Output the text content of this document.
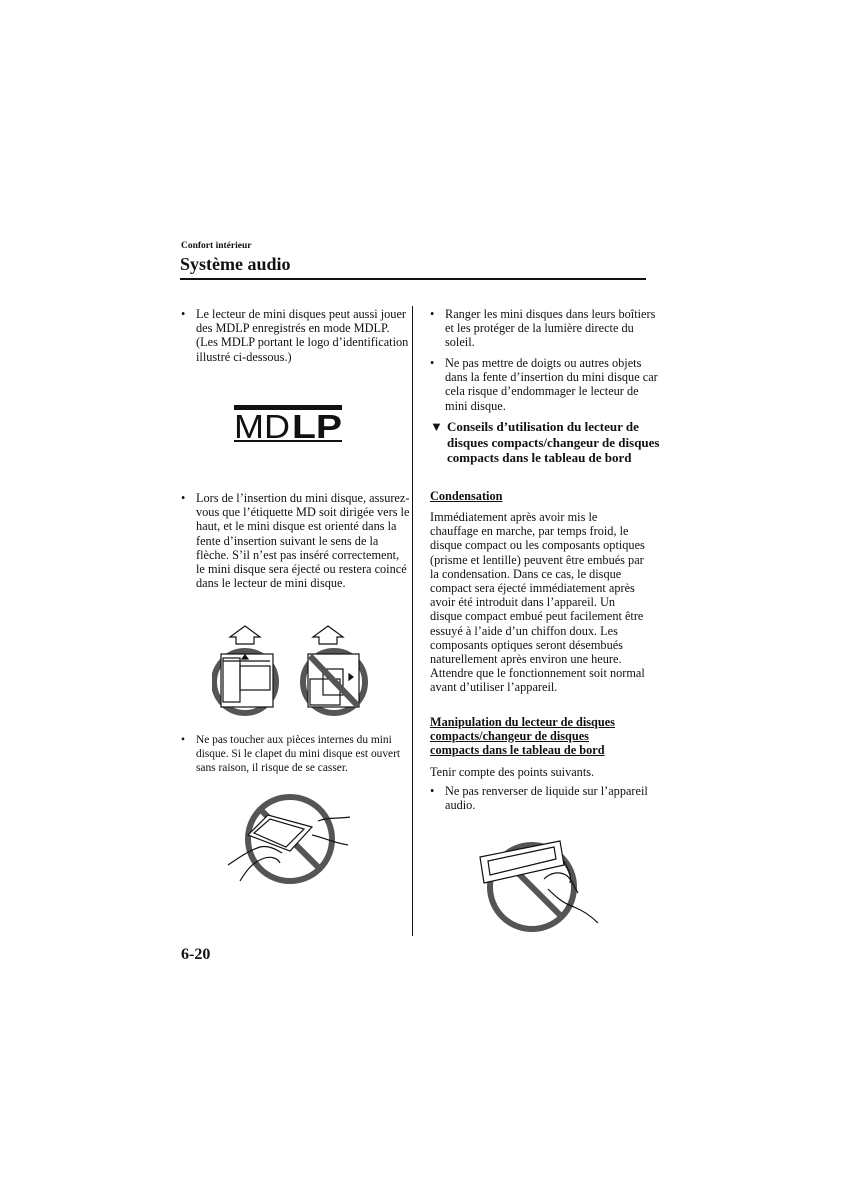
Confort intérieur
Système audio
• Le lecteur de mini disques peut aussi jouer des MDLP enregistrés en mode MDLP. (Les MDLP portant le logo d’identification illustré ci-dessous.)
MD LP
• Lors de l’insertion du mini disque, assurez-vous que l’étiquette MD soit dirigée vers le haut, et le mini disque est orienté dans la fente d’insertion suivant le sens de la flèche. S’il n’est pas inséré correctement, le mini disque sera éjecté ou restera coincé dans le lecteur de mini disque.
• Ne pas toucher aux pièces internes du mini disque. Si le clapet du mini disque est ouvert sans raison, il risque de se casser.
• Ranger les mini disques dans leurs boîtiers et les protéger de la lumière directe du soleil.
• Ne pas mettre de doigts ou autres objets dans la fente d’insertion du mini disque car cela risque d’endommager le lecteur de mini disque.
▼ Conseils d’utilisation du lecteur de disques compacts/changeur de disques compacts dans le tableau de bord
Condensation
Immédiatement après avoir mis le chauffage en marche, par temps froid, le disque compact ou les composants optiques (prisme et lentille) peuvent être embués par la condensation. Dans ce cas, le disque compact sera éjecté immédiatement après avoir été introduit dans l’appareil. Un disque compact embué peut facilement être essuyé à l’aide d’un chiffon doux. Les composants optiques seront désembués naturellement après environ une heure. Attendre que le fonctionnement soit normal avant d’utiliser l’appareil.
Manipulation du lecteur de disques compacts/changeur de disques compacts dans le tableau de bord
Tenir compte des points suivants.
• Ne pas renverser de liquide sur l’appareil audio.
6-20
